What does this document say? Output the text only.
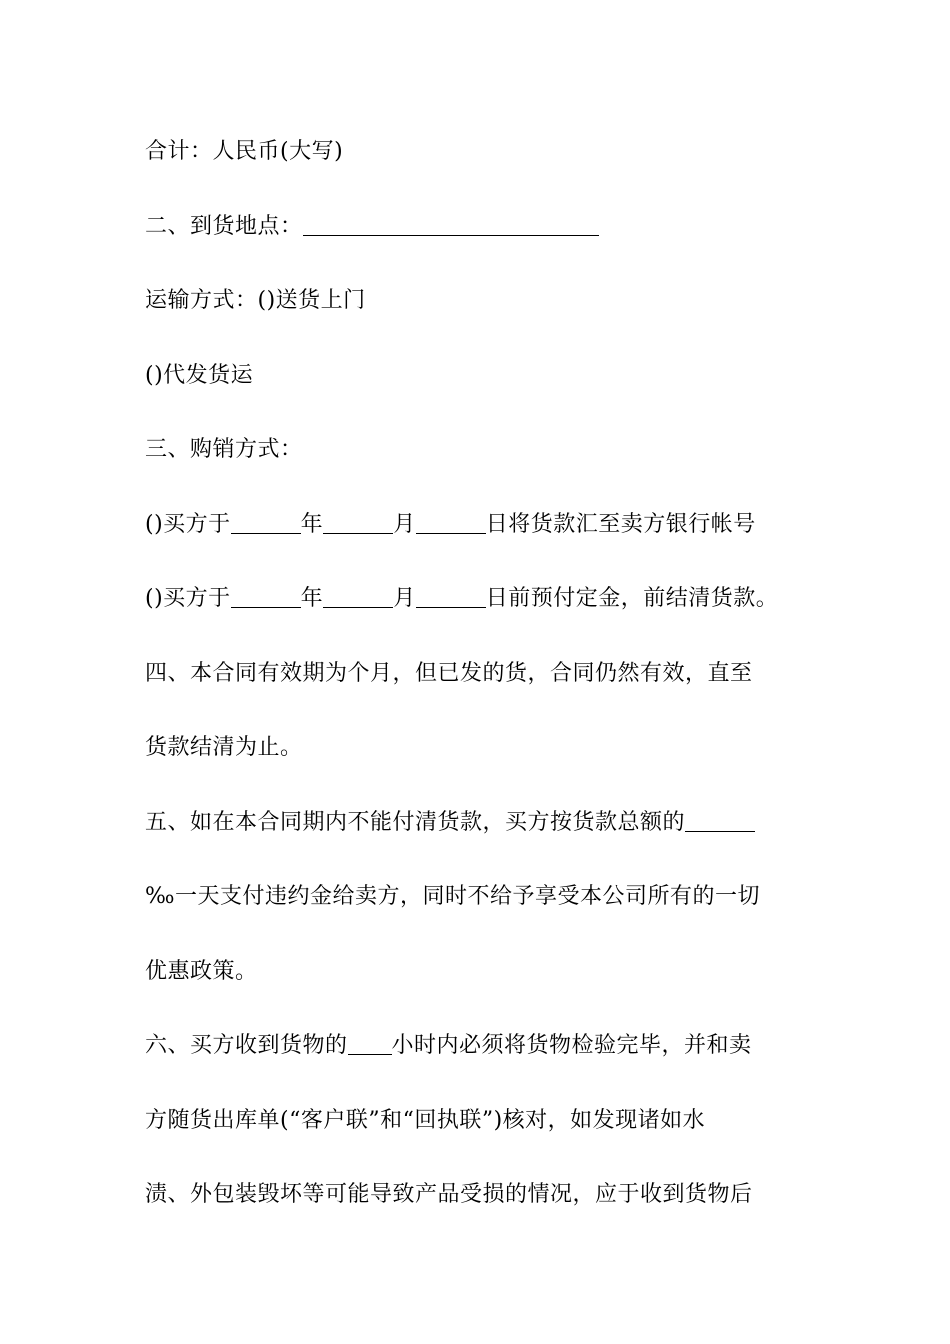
合计：人民币(大写)
二、到货地点：
运输方式：()送货上门
()代发货运
三、购销方式：
()买方于	年	月	日将货款汇至卖方银行帐号
()买方于	年	月	日前预付定金，前结清货款。
四、本合同有效期为个月，但已发的货，合同仍然有效，直至
货款结清为止。
五、如在本合同期内不能付清货款，买方按货款总额的
‰一天支付违约金给卖方，同时不给予享受本公司所有的一切
优惠政策。
六、买方收到货物的 小时内必须将货物检验完毕，并和卖
方随货出库单(“客户联”和“回执联”)核对，如发现诸如水
渍、外包装毁坏等可能导致产品受损的情况，应于收到货物后
